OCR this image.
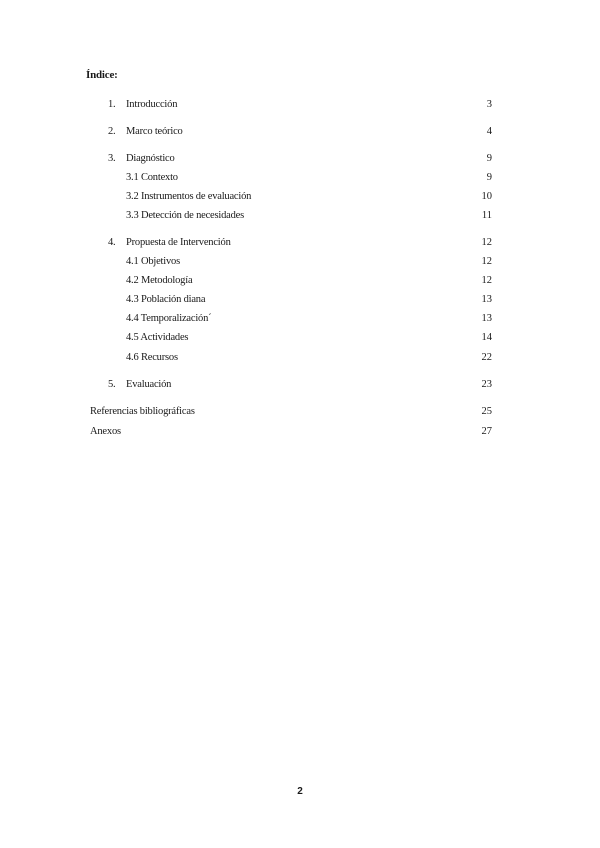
Índice:
1. Introducción	3
2. Marco teórico	4
3. Diagnóstico	9
3.1 Contexto	9
3.2 Instrumentos de evaluación	10
3.3 Detección de necesidades	11
4. Propuesta de Intervención	12
4.1 Objetivos	12
4.2 Metodología	12
4.3 Población diana	13
4.4 Temporalización´	13
4.5 Actividades	14
4.6 Recursos	22
5. Evaluación	23
Referencias bibliográficas	25
Anexos	27
2
